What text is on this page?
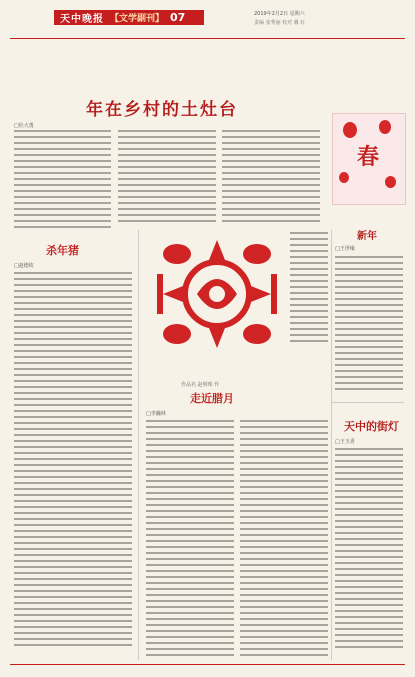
天中晚报 【文学副刊】 07	2019年2月2日 星期六
责编 张秀丽 校对 戴 红
年在乡村的土灶台
□杜大勇
春
新年
□王世缘
杀年猪
□赵德钦
作品名 赵明珠 作
走近腊月
□李瀚林
天中的街灯
□王玉香
